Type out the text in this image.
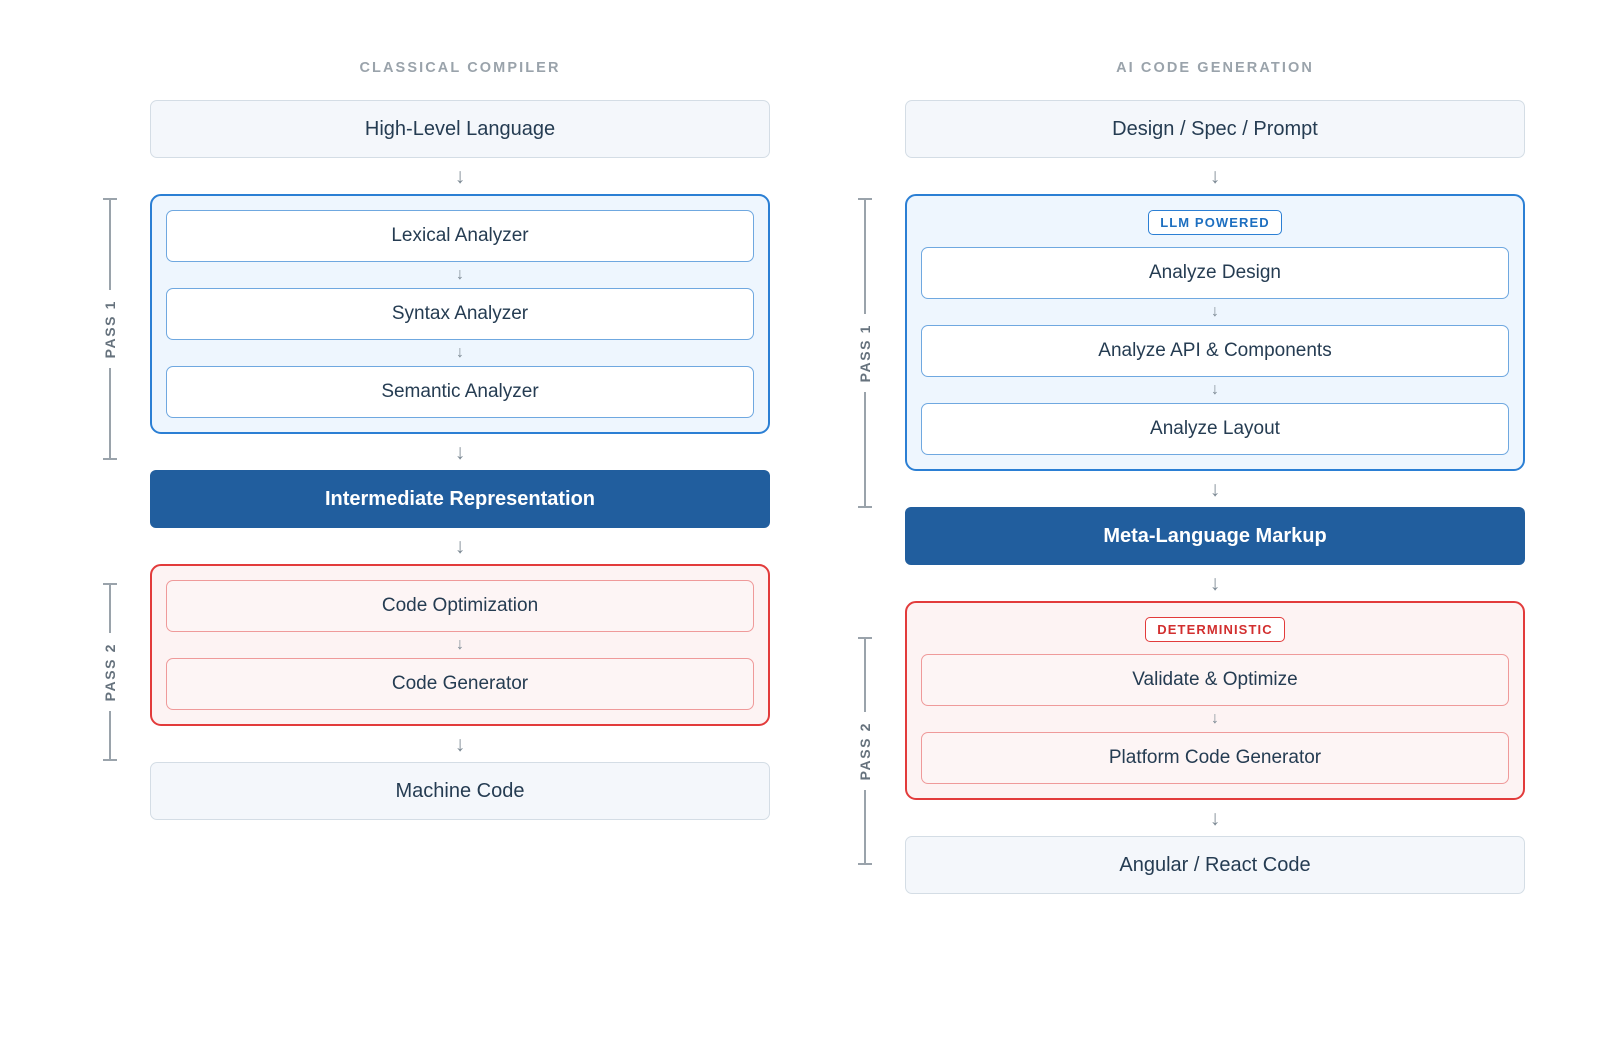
CLASSICAL COMPILER
PASS 1
PASS 2
High-Level Language
↓
Lexical Analyzer
↓
Syntax Analyzer
↓
Semantic Analyzer
↓
Intermediate Representation
↓
Code Optimization
↓
Code Generator
↓
Machine Code
AI CODE GENERATION
PASS 1
PASS 2
Design / Spec / Prompt
↓
LLM POWERED
Analyze Design
↓
Analyze API & Components
↓
Analyze Layout
↓
Meta-Language Markup
↓
DETERMINISTIC
Validate & Optimize
↓
Platform Code Generator
↓
Angular / React Code
